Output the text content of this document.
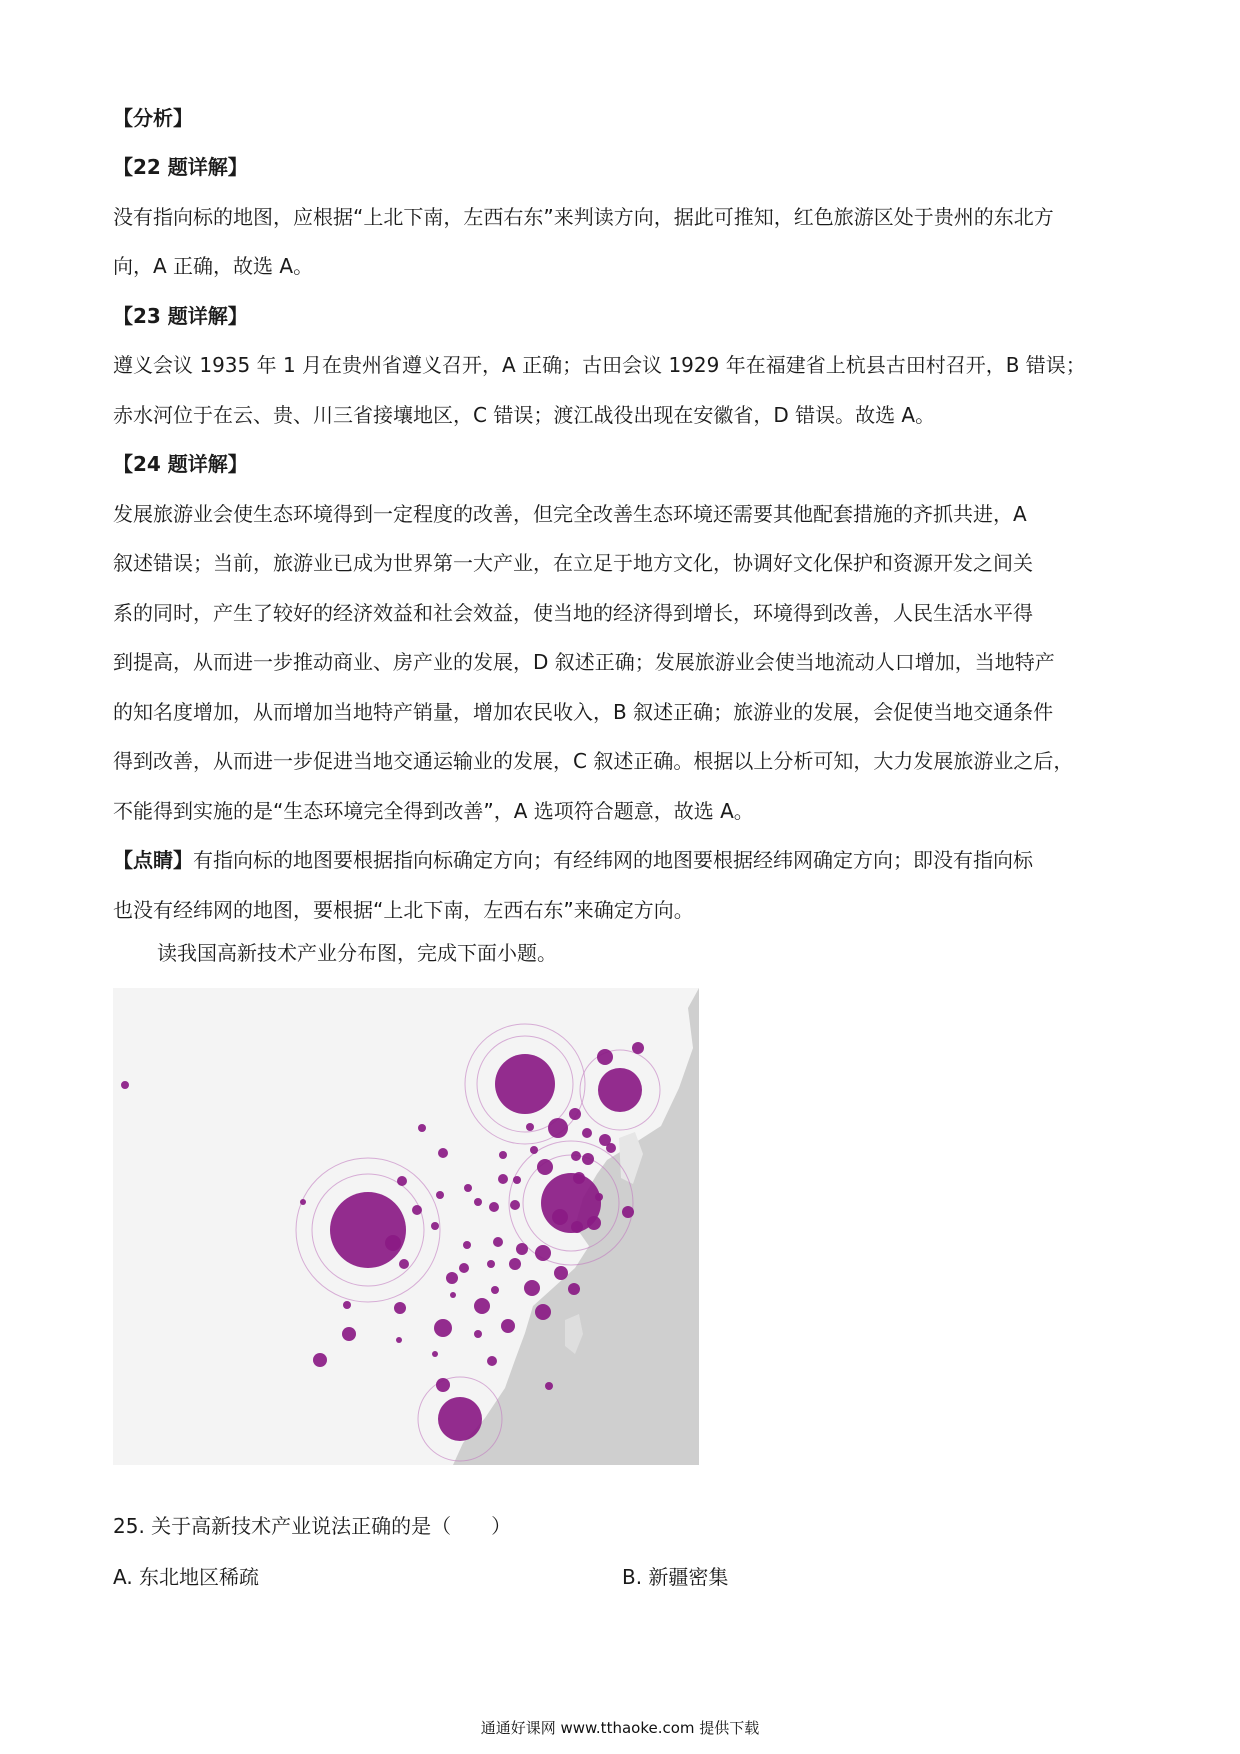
【分析】
【22 题详解】
没有指向标的地图，应根据“上北下南，左西右东”来判读方向，据此可推知，红色旅游区处于贵州的东北方
向，A 正确，故选 A。
【23 题详解】
遵义会议 1935 年 1 月在贵州省遵义召开，A 正确；古田会议 1929 年在福建省上杭县古田村召开，B 错误；
赤水河位于在云、贵、川三省接壤地区，C 错误；渡江战役出现在安徽省，D 错误。故选 A。
【24 题详解】
发展旅游业会使生态环境得到一定程度的改善，但完全改善生态环境还需要其他配套措施的齐抓共进，A
叙述错误；当前，旅游业已成为世界第一大产业，在立足于地方文化，协调好文化保护和资源开发之间关
系的同时，产生了较好的经济效益和社会效益，使当地的经济得到增长，环境得到改善，人民生活水平得
到提高，从而进一步推动商业、房产业的发展，D 叙述正确；发展旅游业会使当地流动人口增加，当地特产
的知名度增加，从而增加当地特产销量，增加农民收入，B 叙述正确；旅游业的发展，会促使当地交通条件
得到改善，从而进一步促进当地交通运输业的发展，C 叙述正确。根据以上分析可知，大力发展旅游业之后，
不能得到实施的是“生态环境完全得到改善”，A 选项符合题意，故选 A。
【点睛】有指向标的地图要根据指向标确定方向；有经纬网的地图要根据经纬网确定方向；即没有指向标
也没有经纬网的地图，要根据“上北下南，左西右东”来确定方向。
读我国高新技术产业分布图，完成下面小题。
25. 关于高新技术产业说法正确的是（　　）
A. 东北地区稀疏	B. 新疆密集
通通好课网 www.tthaoke.com 提供下载
